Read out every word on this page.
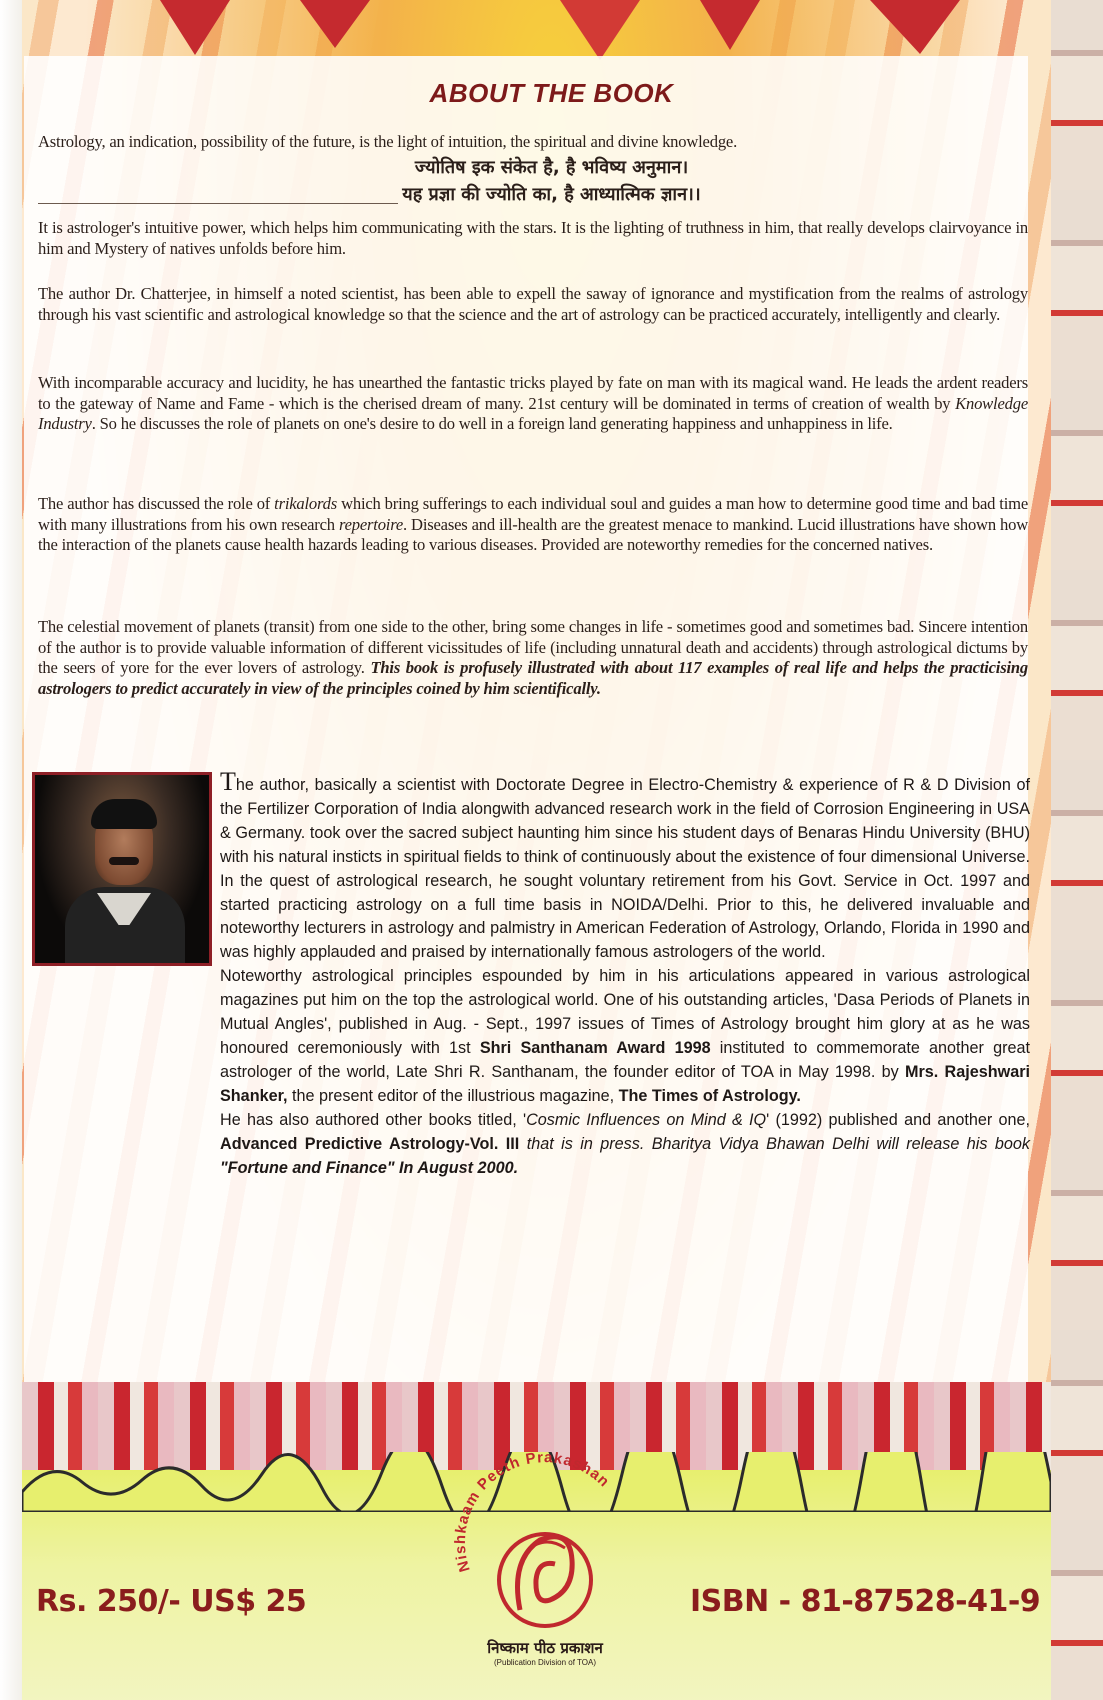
ABOUT THE BOOK
Astrology, an indication, possibility of the future, is the light of intuition, the spiritual and divine knowledge.
ज्योतिष इक संकेत है, है भविष्य अनुमान।
यह प्रज्ञा की ज्योति का, है आध्यात्मिक ज्ञान।।
It is astrologer's intuitive power, which helps him communicating with the stars. It is the lighting of truthness in him, that really develops clairvoyance in him and Mystery of natives unfolds before him.
The author Dr. Chatterjee, in himself a noted scientist, has been able to expell the saway of ignorance and mystification from the realms of astrology through his vast scientific and astrological knowledge so that the science and the art of astrology can be practiced accurately, intelligently and clearly.
With incomparable accuracy and lucidity, he has unearthed the fantastic tricks played by fate on man with its magical wand. He leads the ardent readers to the gateway of Name and Fame - which is the cherised dream of many. 21st century will be dominated in terms of creation of wealth by Knowledge Industry. So he discusses the role of planets on one's desire to do well in a foreign land generating happiness and unhappiness in life.
The author has discussed the role of trikalords which bring sufferings to each individual soul and guides a man how to determine good time and bad time with many illustrations from his own research repertoire. Diseases and ill-health are the greatest menace to mankind. Lucid illustrations have shown how the interaction of the planets cause health hazards leading to various diseases. Provided are noteworthy remedies for the concerned natives.
The celestial movement of planets (transit) from one side to the other, bring some changes in life - sometimes good and sometimes bad. Sincere intention of the author is to provide valuable information of different vicissitudes of life (including unnatural death and accidents) through astrological dictums by the seers of yore for the ever lovers of astrology. This book is profusely illustrated with about 117 examples of real life and helps the practicising astrologers to predict accurately in view of the principles coined by him scientifically.

The author, basically a scientist with Doctorate Degree in Electro-Chemistry & experience of R & D Division of the Fertilizer Corporation of India alongwith advanced research work in the field of Corrosion Engineering in USA & Germany. took over the sacred subject haunting him since his student days of Benaras Hindu University (BHU) with his natural insticts in spiritual fields to think of continuously about the existence of four dimensional Universe. In the quest of astrological research, he sought voluntary retirement from his Govt. Service in Oct. 1997 and started practicing astrology on a full time basis in NOIDA/Delhi. Prior to this, he delivered invaluable and noteworthy lecturers in astrology and palmistry in American Federation of Astrology, Orlando, Florida in 1990 and was highly applauded and praised by internationally famous astrologers of the world.

Noteworthy astrological principles espounded by him in his articulations appeared in various astrological magazines put him on the top the astrological world. One of his outstanding articles, 'Dasa Periods of Planets in Mutual Angles', published in Aug. - Sept., 1997 issues of Times of Astrology brought him glory at as he was honoured ceremoniously with 1st Shri Santhanam Award 1998 instituted to commemorate another great astrologer of the world, Late Shri R. Santhanam, the founder editor of TOA in May 1998. by Mrs. Rajeshwari Shanker, the present editor of the illustrious magazine, The Times of Astrology.

He has also authored other books titled, 'Cosmic Influences on Mind & IQ' (1992) published and another one, Advanced Predictive Astrology-Vol. III that is in press. Bharitya Vidya Bhawan Delhi will release his book "Fortune and Finance" In August 2000.

Rs. 250/- US$ 25	ISBN - 81-87528-41-9
Nishkaam Peeth Prakashan
निष्काम पीठ प्रकाशन
(Publication Division of TOA)
